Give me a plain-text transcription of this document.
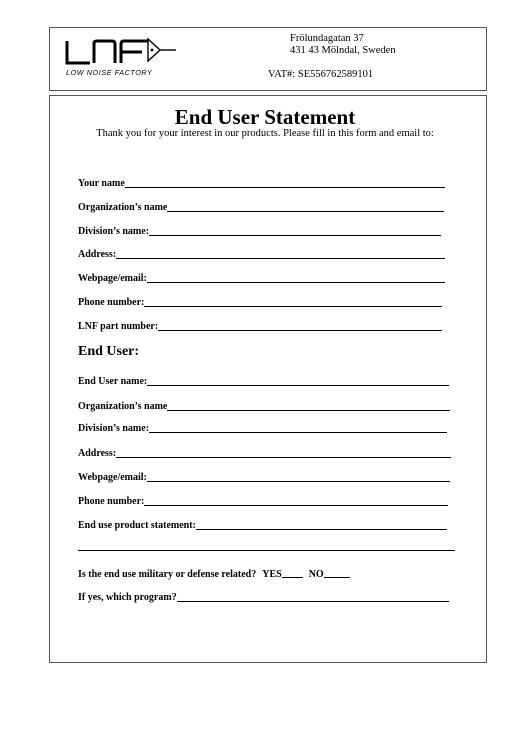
LOW NOISE FACTORY
Frölundagatan 37
431 43 Mölndal, Sweden
VAT#: SE556762589101
End User Statement
Thank you for your interest in our products. Please fill in this form and email to:
Your name
Organization’s name
Division’s name:
Address:
Webpage/email:
Phone number:
LNF part number:
End User:
End User name:
Organization’s name
Division’s name:
Address:
Webpage/email:
Phone number:
End use product statement:
Is the end use military or defense related? YES	NO
If yes, which program?
